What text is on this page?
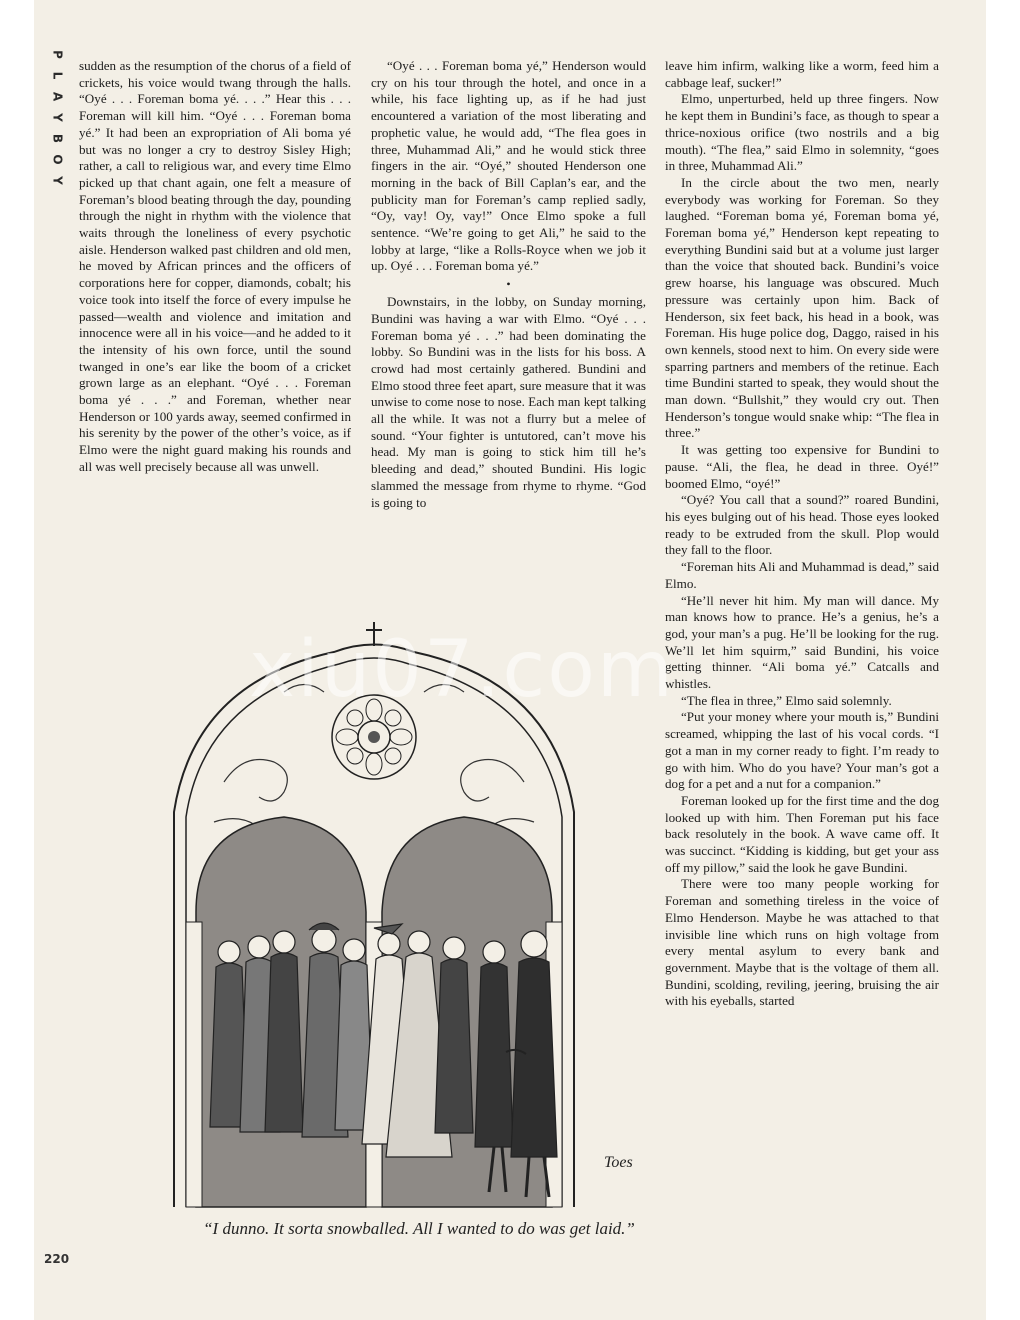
P
L
A
Y
B
O
Y

sudden as the resumption of the chorus of a field of crickets, his voice would twang through the halls. “Oyé . . . Foreman boma yé. . . .” Hear this . . . Foreman will kill him. “Oyé . . . Foreman boma yé.” It had been an expropriation of Ali boma yé but was no longer a cry to destroy Sisley High; rather, a call to religious war, and every time Elmo picked up that chant again, one felt a measure of Foreman’s blood beating through the day, pounding through the night in rhythm with the violence that waits through the loneliness of every psychotic aisle. Henderson walked past children and old men, he moved by African princes and the officers of corporations here for copper, diamonds, cobalt; his voice took into itself the force of every impulse he passed—wealth and violence and imitation and innocence were all in his voice—and he added to it the intensity of his own force, until the sound twanged in one’s ear like the boom of a cricket grown large as an elephant. “Oyé . . . Foreman boma yé . . .” and Foreman, whether near Henderson or 100 yards away, seemed confirmed in his serenity by the power of the other’s voice, as if Elmo were the night guard making his rounds and all was well precisely because all was unwell.

“Oyé . . . Foreman boma yé,” Henderson would cry on his tour through the hotel, and once in a while, his face lighting up, as if he had just encountered a variation of the most liberating and prophetic value, he would add, “The flea goes in three, Muhammad Ali,” and he would stick three fingers in the air. “Oyé,” shouted Henderson one morning in the back of Bill Caplan’s ear, and the publicity man for Foreman’s camp replied sadly, “Oy, vay! Oy, vay!” Once Elmo spoke a full sentence. “We’re going to get Ali,” he said to the lobby at large, “like a Rolls-Royce when we job it up. Oyé . . . Foreman boma yé.”

•

Downstairs, in the lobby, on Sunday morning, Bundini was having a war with Elmo. “Oyé . . . Foreman boma yé . . .” had been dominating the lobby. So Bundini was in the lists for his boss. A crowd had most certainly gathered. Bundini and Elmo stood three feet apart, sure measure that it was unwise to come nose to nose. Each man kept talking all the while. It was not a flurry but a melee of sound. “Your fighter is untutored, can’t move his head. My man is going to stick him till he’s bleeding and dead,” shouted Bundini. His logic slammed the message from rhyme to rhyme. “God is going to

leave him infirm, walking like a worm, feed him a cabbage leaf, sucker!”

Elmo, unperturbed, held up three fingers. Now he kept them in Bundini’s face, as though to spear a thrice-noxious orifice (two nostrils and a big mouth). “The flea,” said Elmo in solemnity, “goes in three, Muhammad Ali.”

In the circle about the two men, nearly everybody was working for Foreman. So they laughed. “Foreman boma yé, Foreman boma yé, Foreman boma yé,” Henderson kept repeating to everything Bundini said but at a volume just larger than the voice that shouted back. Bundini’s voice grew hoarse, his language was obscured. Much pressure was certainly upon him. Back of Henderson, six feet back, his head in a book, was Foreman. His huge police dog, Daggo, raised in his own kennels, stood next to him. On every side were sparring partners and members of the retinue. Each time Bundini started to speak, they would shout the man down. “Bullshit,” they would cry out. Then Henderson’s tongue would snake whip: “The flea in three.”

It was getting too expensive for Bundini to pause. “Ali, the flea, he dead in three. Oyé!” boomed Elmo, “oyé!”

“Oyé? You call that a sound?” roared Bundini, his eyes bulging out of his head. Those eyes looked ready to be extruded from the skull. Plop would they fall to the floor.

“Foreman hits Ali and Muhammad is dead,” said Elmo.

“He’ll never hit him. My man will dance. My man knows how to prance. He’s a genius, he’s a god, your man’s a pug. He’ll be looking for the rug. We’ll let him squirm,” said Bundini, his voice getting thinner. “Ali boma yé.” Catcalls and whistles.

“The flea in three,” Elmo said solemnly.

“Put your money where your mouth is,” Bundini screamed, whipping the last of his vocal cords. “I got a man in my corner ready to fight. I’m ready to go with him. Who do you have? Your man’s got a dog for a pet and a nut for a companion.”

Foreman looked up for the first time and the dog looked up with him. Then Foreman put his face back resolutely in the book. A wave came off. It was succinct. “Kidding is kidding, but get your ass off my pillow,” said the look he gave Bundini.

There were too many people working for Foreman and something tireless in the voice of Elmo Henderson. Maybe he was attached to that invisible line which runs on high voltage from every mental asylum to every bank and government. Maybe that is the voltage of them all. Bundini, scolding, reviling, jeering, bruising the air with his eyeballs, started

Toes
xiu07.com
“I dunno. It sorta snowballed. All I wanted to do was get laid.”
220
